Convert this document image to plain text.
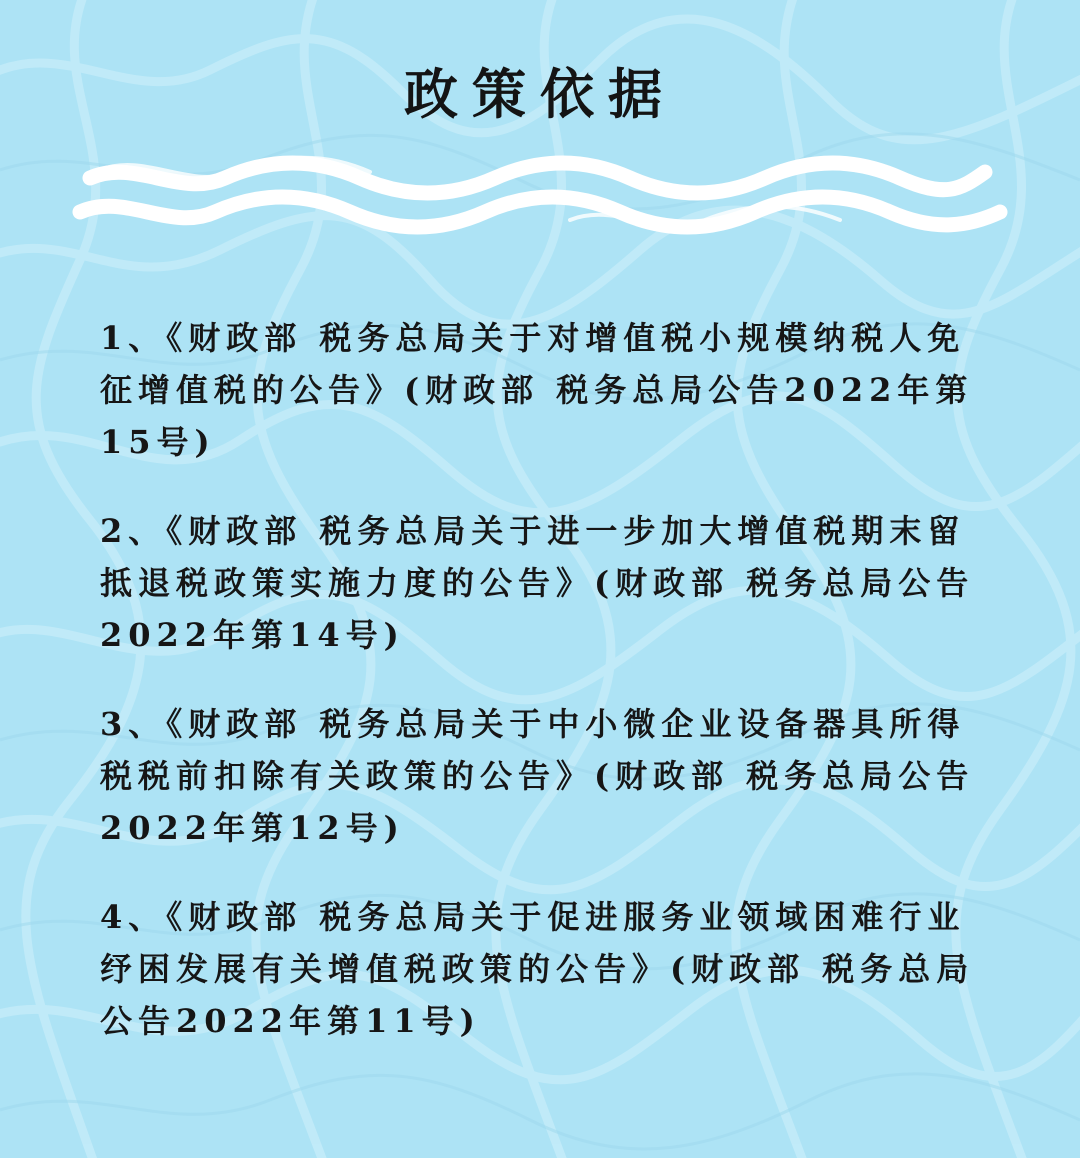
政策依据
1、《财政部 税务总局关于对增值税小规模纳税人免征增值税的公告》(财政部 税务总局公告2022年第15号)
2、《财政部 税务总局关于进一步加大增值税期末留抵退税政策实施力度的公告》(财政部 税务总局公告2022年第14号)
3、《财政部 税务总局关于中小微企业设备器具所得税税前扣除有关政策的公告》(财政部 税务总局公告2022年第12号)
4、《财政部 税务总局关于促进服务业领域困难行业纾困发展有关增值税政策的公告》(财政部 税务总局公告2022年第11号)
